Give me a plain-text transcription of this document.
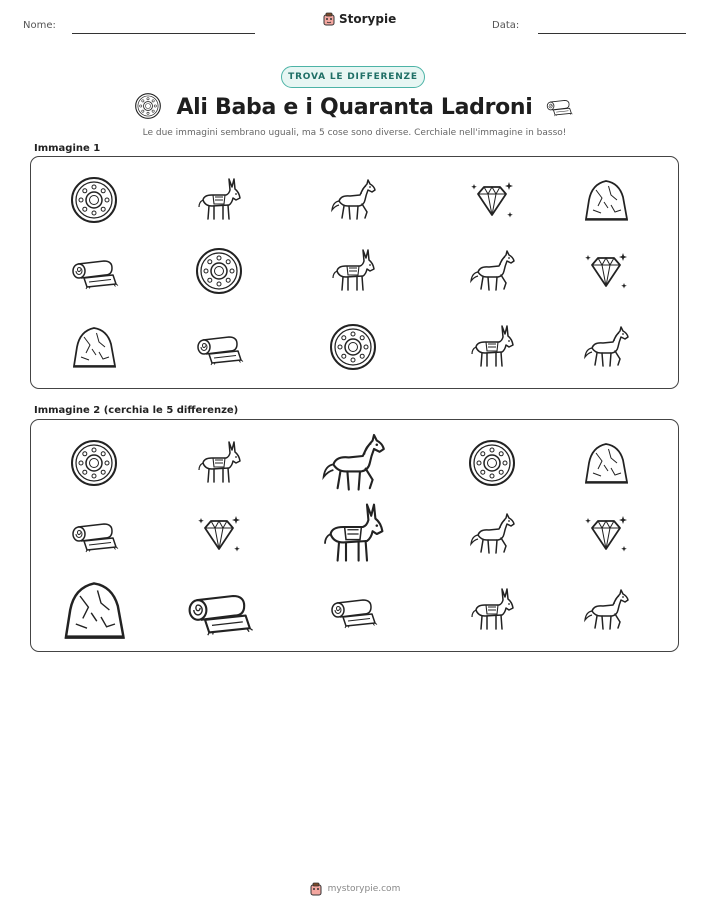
Nome:	Storypie	Data:
TROVA LE DIFFERENZE
Ali Baba e i Quaranta Ladroni
Le due immagini sembrano uguali, ma 5 cose sono diverse. Cerchiale nell'immagine in basso!
Immagine 1
Immagine 2 (cerchia le 5 differenze)
mystorypie.com
